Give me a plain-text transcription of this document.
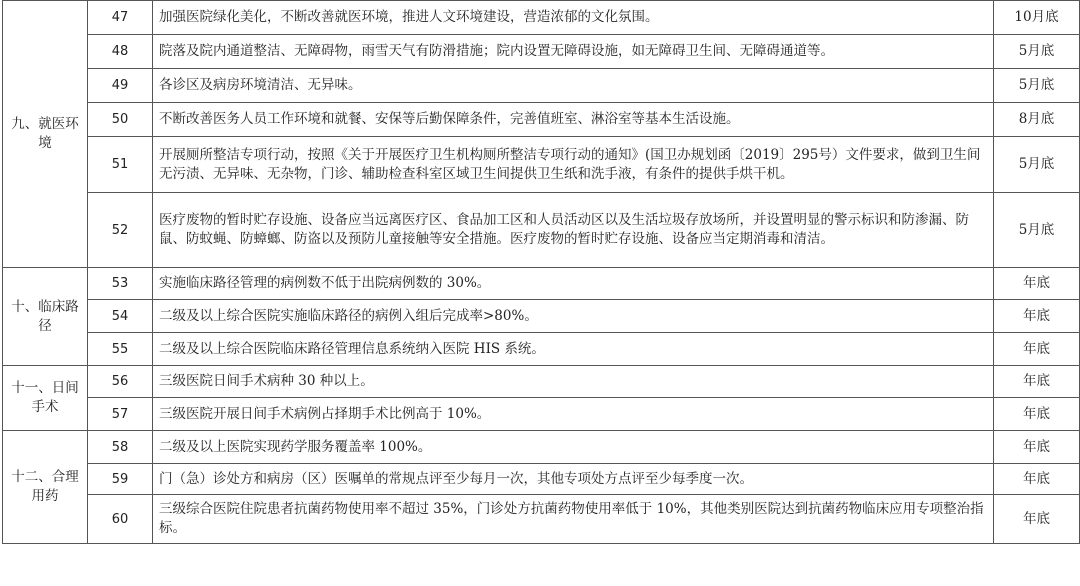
九、就医环境	47	加强医院绿化美化，不断改善就医环境，推进人文环境建设，营造浓郁的文化氛围。	10月底
	48	院落及院内通道整洁、无障碍物，雨雪天气有防滑措施；院内设置无障碍设施，如无障碍卫生间、无障碍通道等。	5月底
	49	各诊区及病房环境清洁、无异味。	5月底
	50	不断改善医务人员工作环境和就餐、安保等后勤保障条件，完善值班室、淋浴室等基本生活设施。	8月底
	51	开展厕所整洁专项行动，按照《关于开展医疗卫生机构厕所整洁专项行动的通知》(国卫办规划函〔2019〕295号）文件要求，做到卫生间无污渍、无异味、无杂物，门诊、辅助检查科室区域卫生间提供卫生纸和洗手液，有条件的提供手烘干机。	5月底
	52	医疗废物的暂时贮存设施、设备应当远离医疗区、食品加工区和人员活动区以及生活垃圾存放场所，并设置明显的警示标识和防渗漏、防鼠、防蚊蝇、防蟑螂、防盗以及预防儿童接触等安全措施。医疗废物的暂时贮存设施、设备应当定期消毒和清洁。	5月底
十、临床路径	53	实施临床路径管理的病例数不低于出院病例数的 30%。	年底
	54	二级及以上综合医院实施临床路径的病例入组后完成率>80%。	年底
	55	二级及以上综合医院临床路径管理信息系统纳入医院 HIS 系统。	年底
十一、日间手术	56	三级医院日间手术病种 30 种以上。	年底
	57	三级医院开展日间手术病例占择期手术比例高于 10%。	年底
十二、合理用药	58	二级及以上医院实现药学服务覆盖率 100%。	年底
	59	门（急）诊处方和病房（区）医嘱单的常规点评至少每月一次，其他专项处方点评至少每季度一次。	年底
	60	三级综合医院住院患者抗菌药物使用率不超过 35%，门诊处方抗菌药物使用率低于 10%，其他类别医院达到抗菌药物临床应用专项整治指标。	年底
